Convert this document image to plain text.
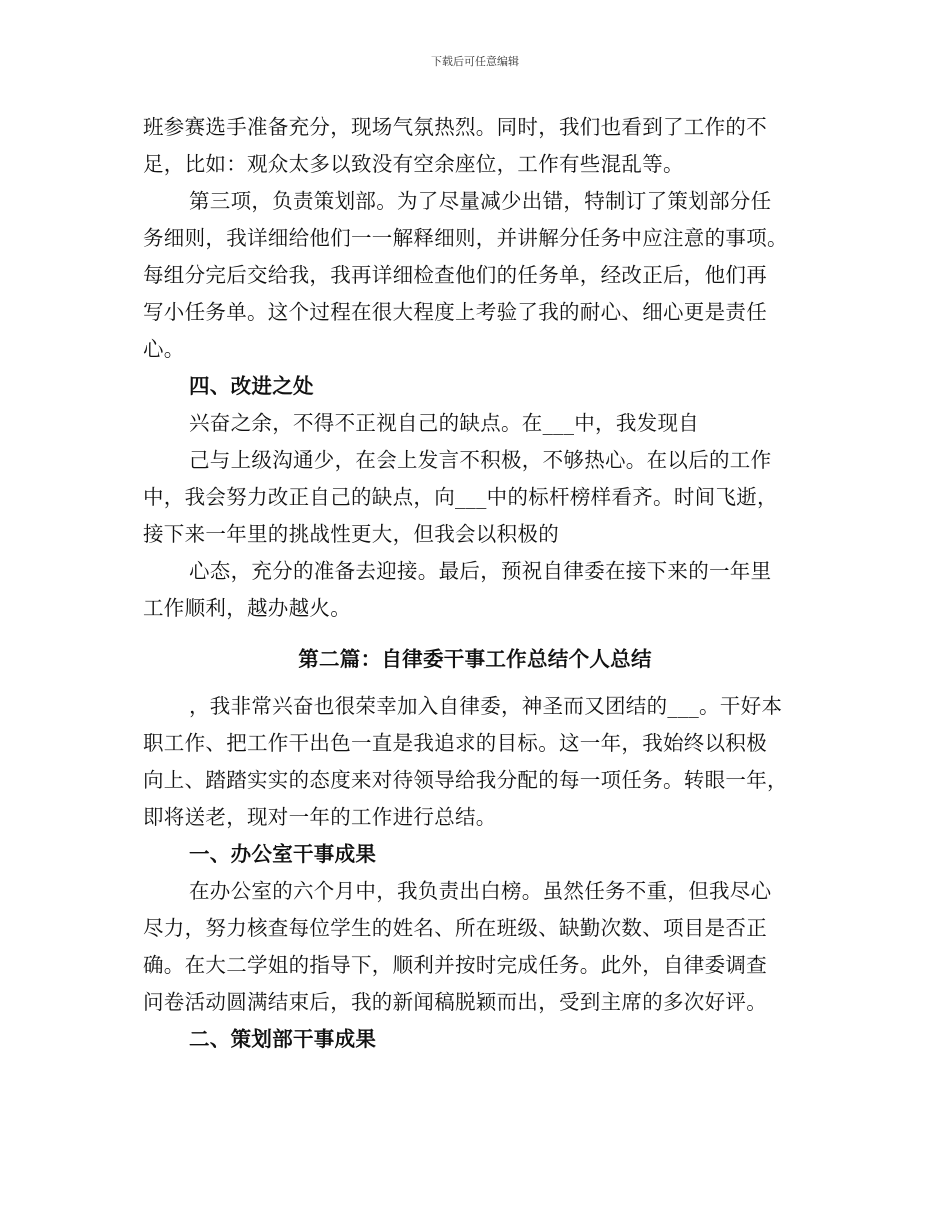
下载后可任意编辑
班参赛选手准备充分，现场气氛热烈。同时，我们也看到了工作的不
足，比如：观众太多以致没有空余座位，工作有些混乱等。
第三项，负责策划部。为了尽量减少出错，特制订了策划部分任
务细则，我详细给他们一一解释细则，并讲解分任务中应注意的事项。
每组分完后交给我，我再详细检查他们的任务单，经改正后，他们再
写小任务单。这个过程在很大程度上考验了我的耐心、细心更是责任
心。
四、改进之处
兴奋之余，不得不正视自己的缺点。在___中，我发现自
己与上级沟通少，在会上发言不积极，不够热心。在以后的工作
中，我会努力改正自己的缺点，向___中的标杆榜样看齐。时间飞逝，
接下来一年里的挑战性更大，但我会以积极的
心态，充分的准备去迎接。最后，预祝自律委在接下来的一年里
工作顺利，越办越火。
第二篇：自律委干事工作总结个人总结
，我非常兴奋也很荣幸加入自律委，神圣而又团结的___。干好本
职工作、把工作干出色一直是我追求的目标。这一年，我始终以积极
向上、踏踏实实的态度来对待领导给我分配的每一项任务。转眼一年，
即将送老，现对一年的工作进行总结。
一、办公室干事成果
在办公室的六个月中，我负责出白榜。虽然任务不重，但我尽心
尽力，努力核查每位学生的姓名、所在班级、缺勤次数、项目是否正
确。在大二学姐的指导下，顺利并按时完成任务。此外，自律委调查
问卷活动圆满结束后，我的新闻稿脱颖而出，受到主席的多次好评。
二、策划部干事成果
